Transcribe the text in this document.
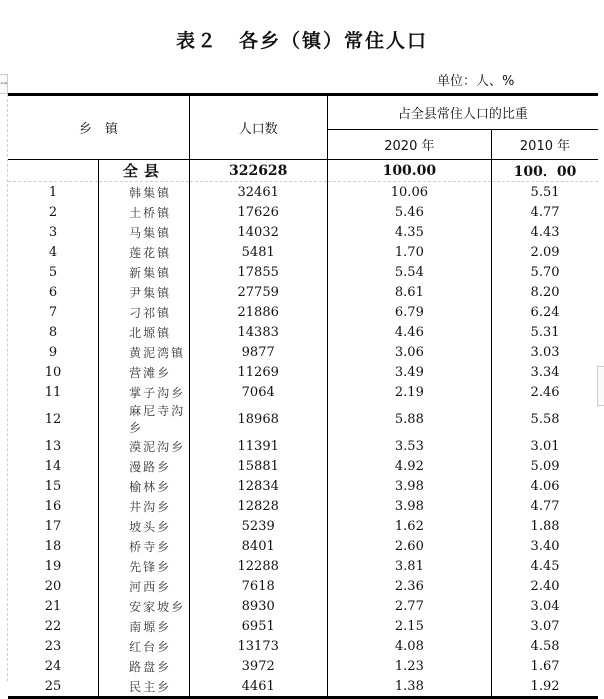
表２　各乡（镇）常住人口
单位：人、%
→
乡　镇		人口数	占全县常住人口的比重	
			2020 年	2010 年
	全县	322628	100.00	100．00
1	韩集镇	32461	10.06	5.51
2	土桥镇	17626	5.46	4.77
3	马集镇	14032	4.35	4.43
4	莲花镇	5481	1.70	2.09
5	新集镇	17855	5.54	5.70
6	尹集镇	27759	8.61	8.20
7	刁祁镇	21886	6.79	6.24
8	北塬镇	14383	4.46	5.31
9	黄泥湾镇	9877	3.06	3.03
10	营滩乡	11269	3.49	3.34
11	掌子沟乡	7064	2.19	2.46
12	麻尼寺沟乡	18968	5.88	5.58
13	漠泥沟乡	11391	3.53	3.01
14	漫路乡	15881	4.92	5.09
15	榆林乡	12834	3.98	4.06
16	井沟乡	12828	3.98	4.77
17	坡头乡	5239	1.62	1.88
18	桥寺乡	8401	2.60	3.40
19	先锋乡	12288	3.81	4.45
20	河西乡	7618	2.36	2.40
21	安家坡乡	8930	2.77	3.04
22	南塬乡	6951	2.15	3.07
23	红台乡	13173	4.08	4.58
24	路盘乡	3972	1.23	1.67
25	民主乡	4461	1.38	1.92
